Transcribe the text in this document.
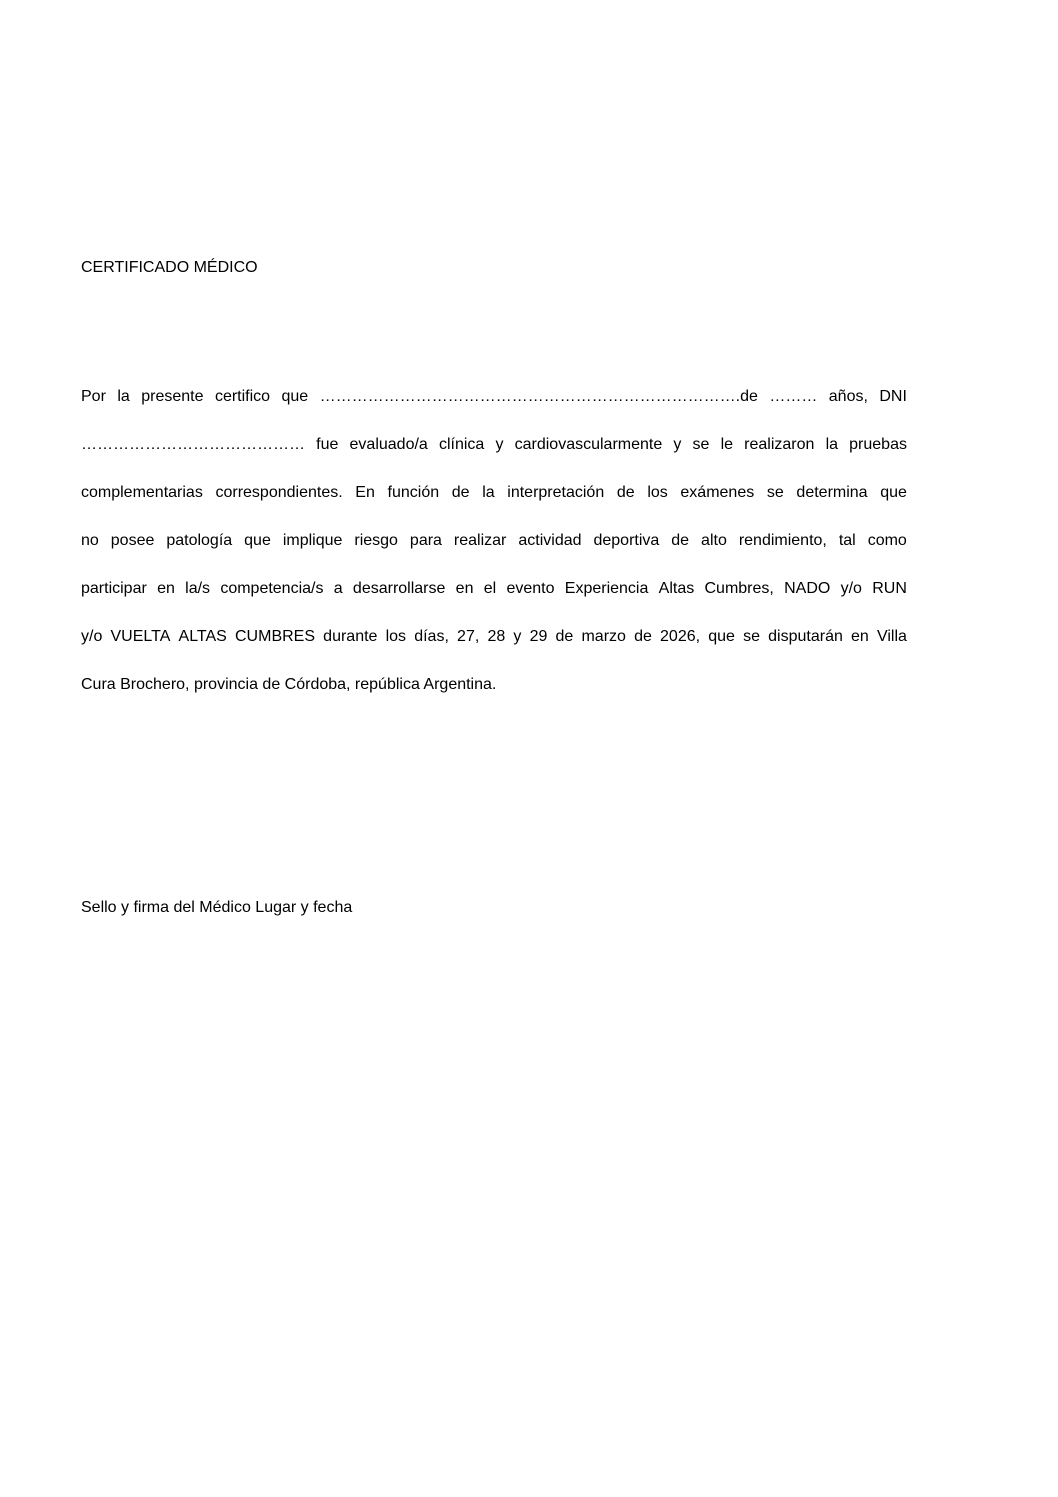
CERTIFICADO MÉDICO
Por la presente certifico que …………………………………………………………………….de ……… años, DNI
…………………………………… fue evaluado/a clínica y cardiovascularmente y se le realizaron la pruebas
complementarias correspondientes. En función de la interpretación de los exámenes se determina que
no posee patología que implique riesgo para realizar actividad deportiva de alto rendimiento, tal como
participar en la/s competencia/s a desarrollarse en el evento Experiencia Altas Cumbres, NADO y/o RUN
y/o VUELTA ALTAS CUMBRES durante los días, 27, 28 y 29 de marzo de 2026, que se disputarán en Villa
Cura Brochero, provincia de Córdoba, república Argentina.
Sello y firma del Médico Lugar y fecha
